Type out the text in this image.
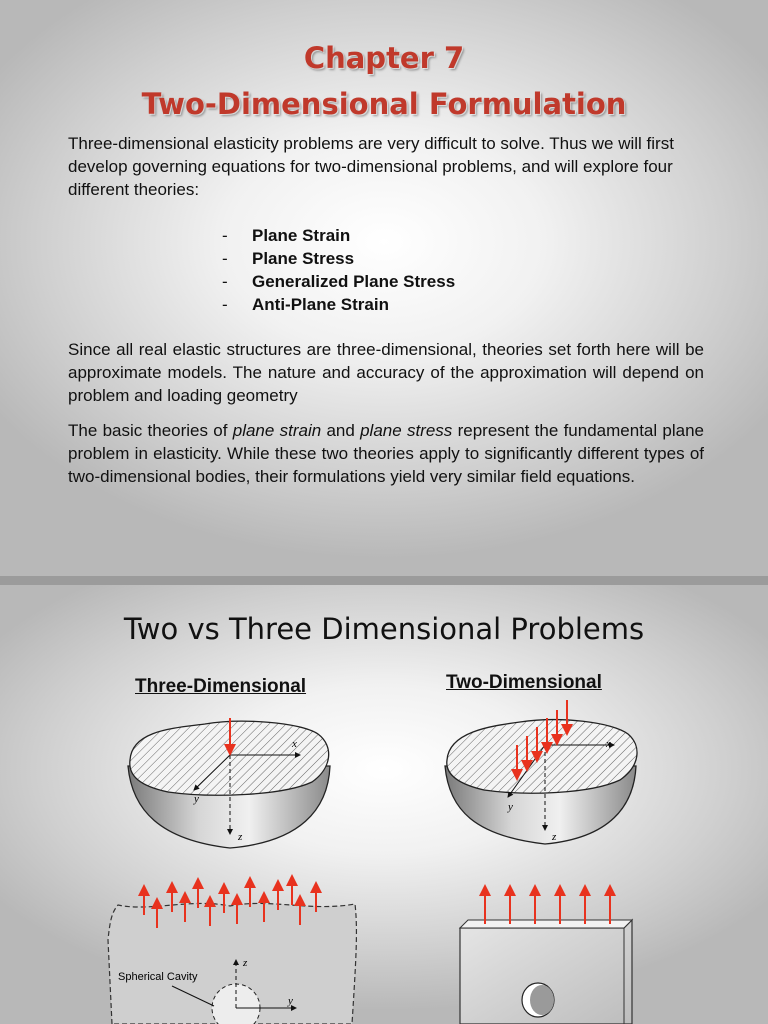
Chapter 7
Two-Dimensional Formulation
Three-dimensional elasticity problems are very difficult to solve. Thus we will first develop governing equations for two-dimensional problems, and will explore four different theories:
-	Plane Strain
-	Plane Stress
-	Generalized Plane Stress
-	Anti-Plane Strain
Since all real elastic structures are three-dimensional, theories set forth here will be approximate models. The nature and accuracy of the approximation will depend on problem and loading geometry
The basic theories of plane strain and plane stress represent the fundamental plane problem in elasticity. While these two theories apply to significantly different types of two-dimensional bodies, their formulations yield very similar field equations.
Two vs Three Dimensional Problems
Three-Dimensional	Two-Dimensional
x
y
z
x
y
z
Spherical Cavity
z
y
